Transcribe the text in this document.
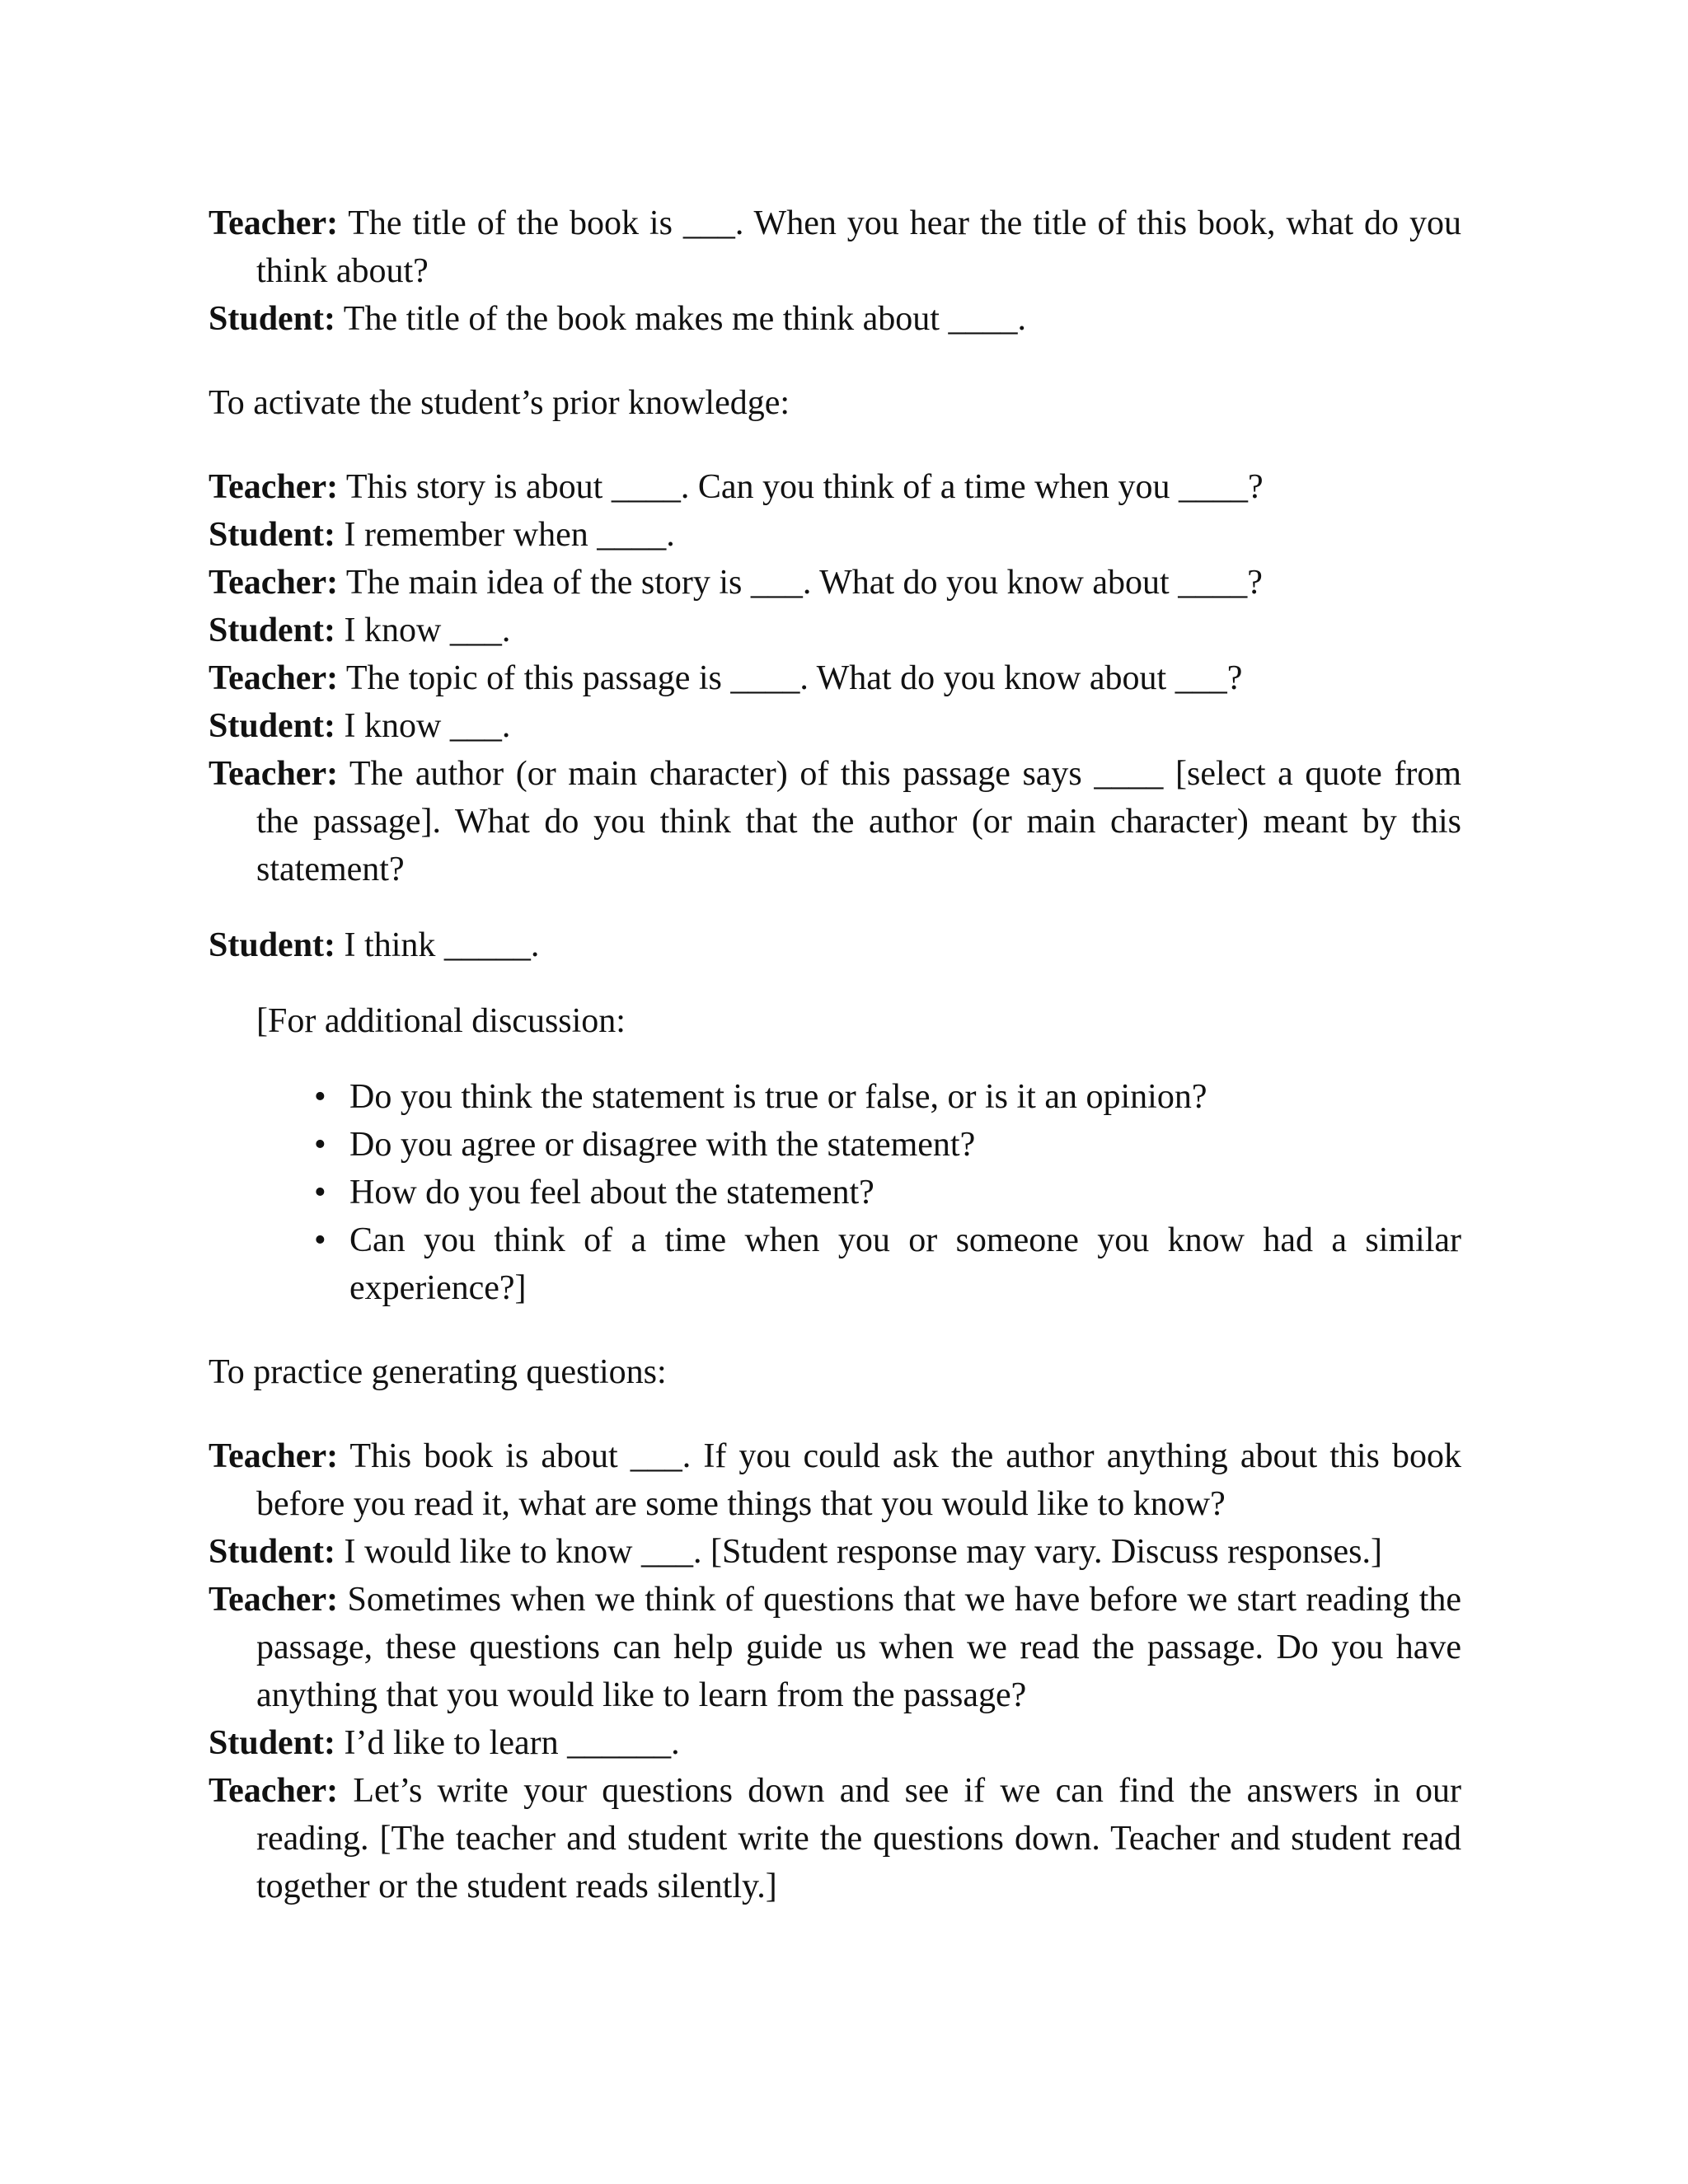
Teacher: The title of the book is ___. When you hear the title of this book, what do you think about?

Student: The title of the book makes me think about ____.

To activate the student’s prior knowledge:

Teacher: This story is about ____. Can you think of a time when you ____?

Student: I remember when ____.

Teacher: The main idea of the story is ___. What do you know about ____?

Student: I know ___.

Teacher: The topic of this passage is ____. What do you know about ___?

Student: I know ___.

Teacher: The author (or main character) of this passage says ____ [select a quote from the passage]. What do you think that the author (or main character) meant by this statement?

Student: I think _____.

[For additional discussion:

• Do you think the statement is true or false, or is it an opinion?
• Do you agree or disagree with the statement?
• How do you feel about the statement?
• Can you think of a time when you or someone you know had a similar experience?]

To practice generating questions:

Teacher: This book is about ___. If you could ask the author anything about this book before you read it, what are some things that you would like to know?

Student: I would like to know ___. [Student response may vary. Discuss responses.]

Teacher: Sometimes when we think of questions that we have before we start reading the passage, these questions can help guide us when we read the passage. Do you have anything that you would like to learn from the passage?

Student: I’d like to learn ______.

Teacher: Let’s write your questions down and see if we can find the answers in our reading. [The teacher and student write the questions down. Teacher and student read together or the student reads silently.]
